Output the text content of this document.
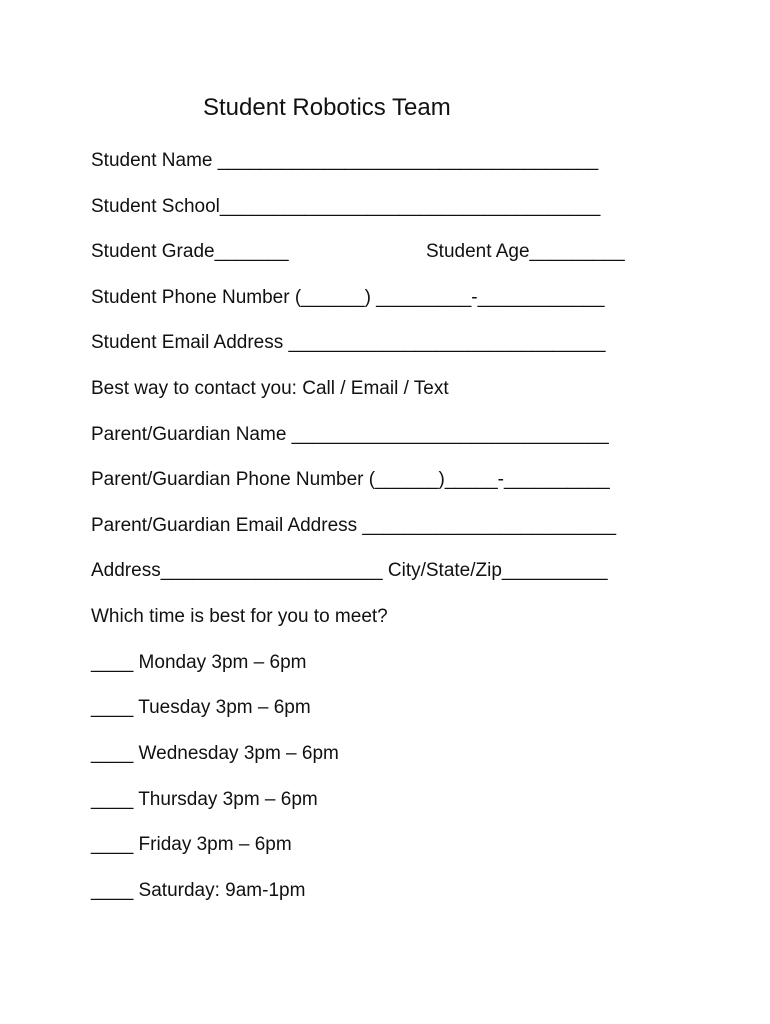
Student Robotics Team
Student Name ____________________________________
Student School____________________________________
Student Grade_______	Student Age_________
Student Phone Number (______) _________-____________
Student Email Address ______________________________
Best way to contact you: Call / Email / Text
Parent/Guardian Name ______________________________
Parent/Guardian Phone Number (______)_____-__________
Parent/Guardian Email Address ________________________
Address_____________________ City/State/Zip__________
Which time is best for you to meet?
____ Monday 3pm – 6pm
____ Tuesday 3pm – 6pm
____ Wednesday 3pm – 6pm
____ Thursday 3pm – 6pm
____ Friday 3pm – 6pm
____ Saturday: 9am-1pm
